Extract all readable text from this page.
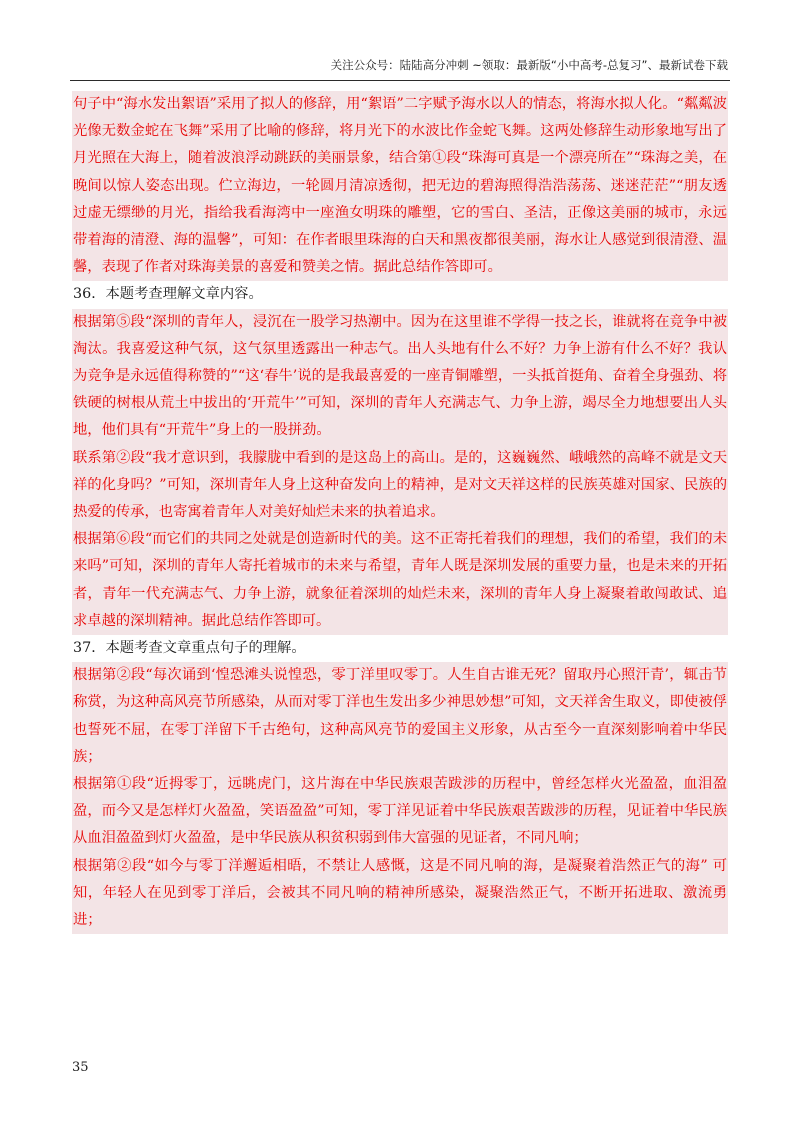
关注公众号：陆陆高分冲刺 ~领取：最新版“小中高考-总复习”、最新试卷下载

句子中“海水发出絮语”采用了拟人的修辞，用“絮语”二字赋予海水以人的情态，将海水拟人化。“粼粼波光像无数金蛇在飞舞”采用了比喻的修辞，将月光下的水波比作金蛇飞舞。这两处修辞生动形象地写出了月光照在大海上，随着波浪浮动跳跃的美丽景象，结合第①段“珠海可真是一个漂亮所在”“珠海之美，在晚间以惊人姿态出现。伫立海边，一轮圆月清凉透彻，把无边的碧海照得浩浩荡荡、迷迷茫茫”“朋友透过虚无缥缈的月光，指给我看海湾中一座渔女明珠的雕塑，它的雪白、圣洁，正像这美丽的城市，永远带着海的清澄、海的温馨”，可知：在作者眼里珠海的白天和黑夜都很美丽，海水让人感觉到很清澄、温馨，表现了作者对珠海美景的喜爱和赞美之情。据此总结作答即可。

36．本题考查理解文章内容。

根据第⑤段“深圳的青年人，浸沉在一股学习热潮中。因为在这里谁不学得一技之长，谁就将在竞争中被淘汰。我喜爱这种气氛，这气氛里透露出一种志气。出人头地有什么不好？力争上游有什么不好？我认为竞争是永远值得称赞的”“这‘春牛’说的是我最喜爱的一座青铜雕塑，一头抵首挺角、奋着全身强劲、将铁硬的树根从荒土中拔出的‘开荒牛’”可知，深圳的青年人充满志气、力争上游，竭尽全力地想要出人头地，他们具有“开荒牛”身上的一股拼劲。

联系第②段“我才意识到，我朦胧中看到的是这岛上的高山。是的，这巍巍然、峨峨然的高峰不就是文天祥的化身吗？”可知，深圳青年人身上这种奋发向上的精神，是对文天祥这样的民族英雄对国家、民族的热爱的传承，也寄寓着青年人对美好灿烂未来的执着追求。

根据第⑥段“而它们的共同之处就是创造新时代的美。这不正寄托着我们的理想，我们的希望，我们的未来吗”可知，深圳的青年人寄托着城市的未来与希望，青年人既是深圳发展的重要力量，也是未来的开拓者，青年一代充满志气、力争上游，就象征着深圳的灿烂未来，深圳的青年人身上凝聚着敢闯敢试、追求卓越的深圳精神。据此总结作答即可。

37．本题考查文章重点句子的理解。

根据第②段“每次诵到‘惶恐滩头说惶恐，零丁洋里叹零丁。人生自古谁无死？留取丹心照汗青’，辄击节称赏，为这种高风亮节所感染，从而对零丁洋也生发出多少神思妙想”可知，文天祥舍生取义，即使被俘也誓死不屈，在零丁洋留下千古绝句，这种高风亮节的爱国主义形象，从古至今一直深刻影响着中华民族；

根据第①段“近拇零丁，远眺虎门，这片海在中华民族艰苦跋涉的历程中，曾经怎样火光盈盈，血泪盈盈，而今又是怎样灯火盈盈，笑语盈盈”可知，零丁洋见证着中华民族艰苦跋涉的历程，见证着中华民族从血泪盈盈到灯火盈盈，是中华民族从积贫积弱到伟大富强的见证者，不同凡响；

根据第②段“如今与零丁洋邂逅相晤，不禁让人感慨，这是不同凡响的海，是凝聚着浩然正气的海” 可知，年轻人在见到零丁洋后，会被其不同凡响的精神所感染，凝聚浩然正气，不断开拓进取、激流勇进；

35
